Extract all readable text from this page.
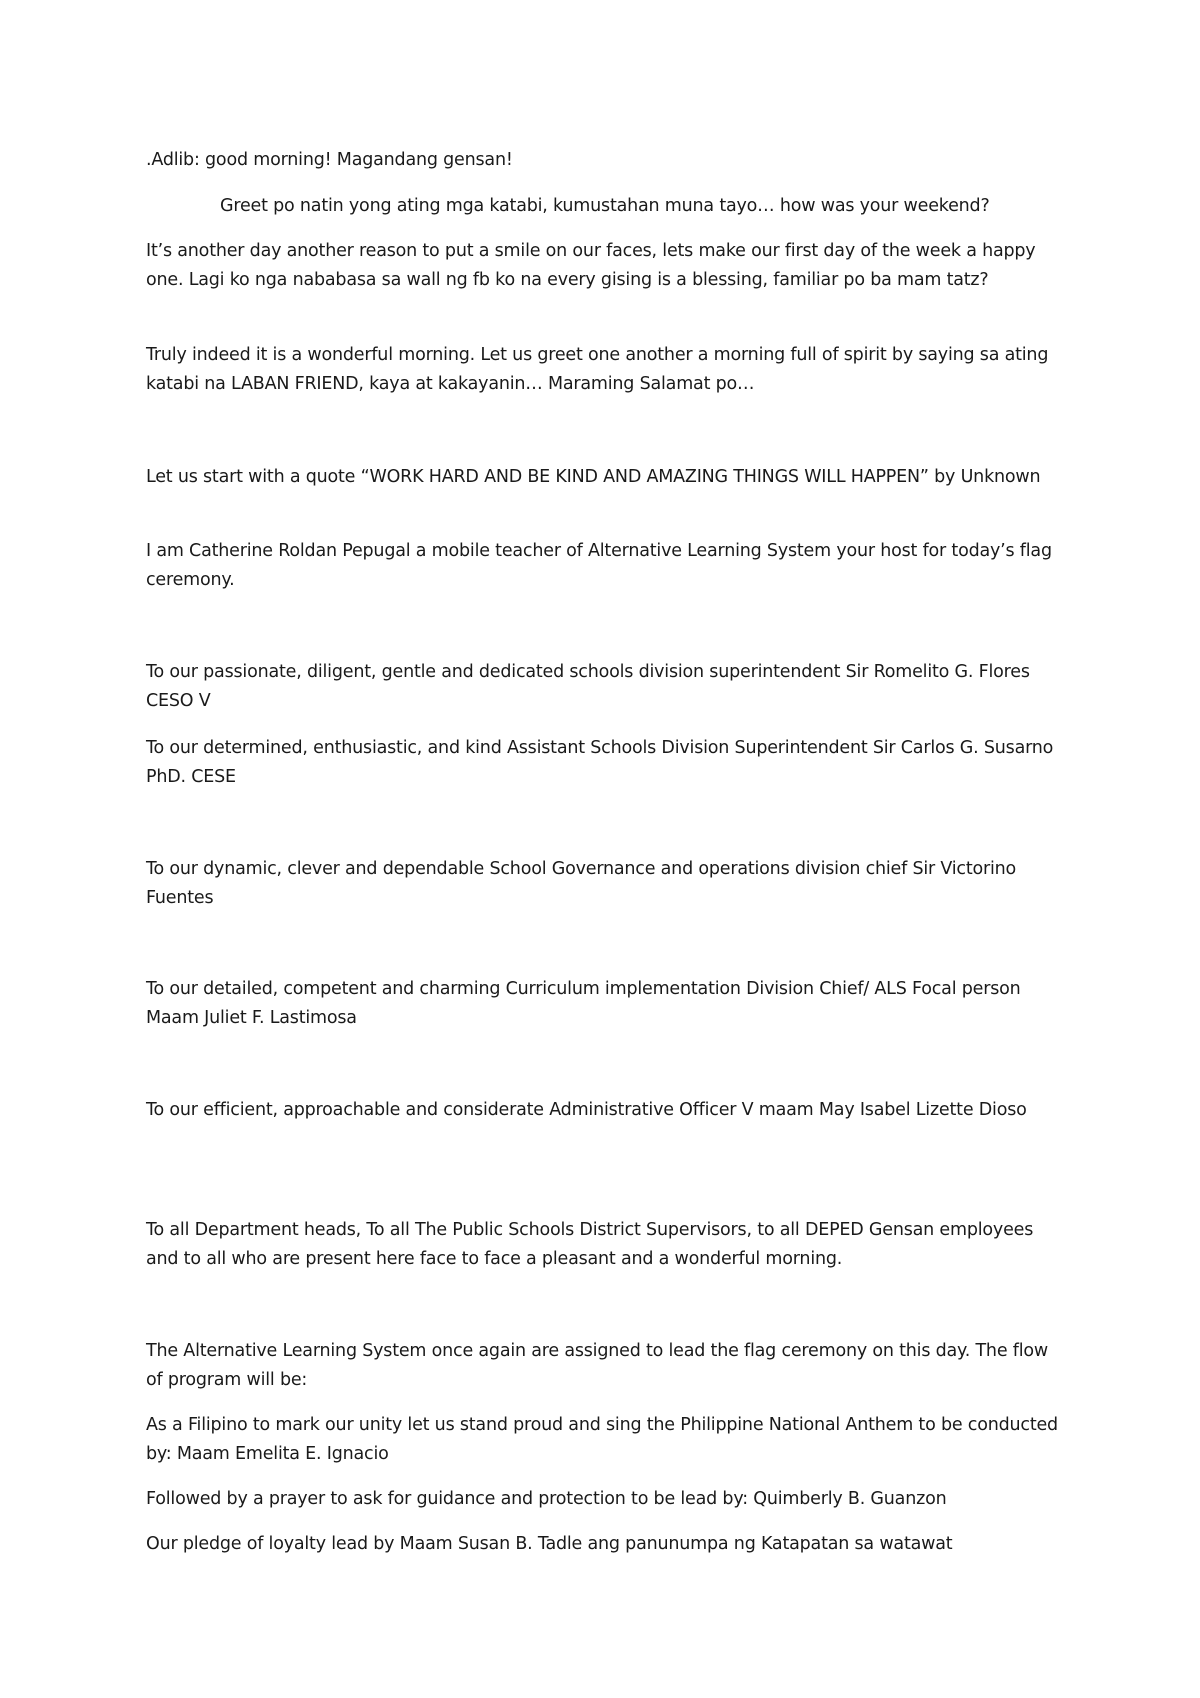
.Adlib: good morning! Magandang gensan!

Greet po natin yong ating mga katabi, kumustahan muna tayo… how was your weekend?

It’s another day another reason to put a smile on our faces, lets make our first day of the week a happy one. Lagi ko nga nababasa sa wall ng fb ko na every gising is a blessing, familiar po ba mam tatz?

Truly indeed it is a wonderful morning. Let us greet one another a morning full of spirit by saying sa ating katabi na LABAN FRIEND, kaya at kakayanin… Maraming Salamat po…

Let us start with a quote “WORK HARD AND BE KIND AND AMAZING THINGS WILL HAPPEN” by Unknown

I am Catherine Roldan Pepugal a mobile teacher of Alternative Learning System your host for today’s flag ceremony.

To our passionate, diligent, gentle and dedicated schools division superintendent Sir Romelito G. Flores CESO V

To our determined, enthusiastic, and kind Assistant Schools Division Superintendent Sir Carlos G. Susarno PhD. CESE

To our dynamic, clever and dependable School Governance and operations division chief Sir Victorino Fuentes

To our detailed, competent and charming Curriculum implementation Division Chief/ ALS Focal person Maam Juliet F. Lastimosa

To our efficient, approachable and considerate Administrative Officer V maam May Isabel Lizette Dioso

To all Department heads, To all The Public Schools District Supervisors, to all DEPED Gensan employees and to all who are present here face to face a pleasant and a wonderful morning.

The Alternative Learning System once again are assigned to lead the flag ceremony on this day. The flow of program will be:

As a Filipino to mark our unity let us stand proud and sing the Philippine National Anthem to be conducted by: Maam Emelita E. Ignacio

Followed by a prayer to ask for guidance and protection to be lead by: Quimberly B. Guanzon

Our pledge of loyalty lead by Maam Susan B. Tadle ang panunumpa ng Katapatan sa watawat
